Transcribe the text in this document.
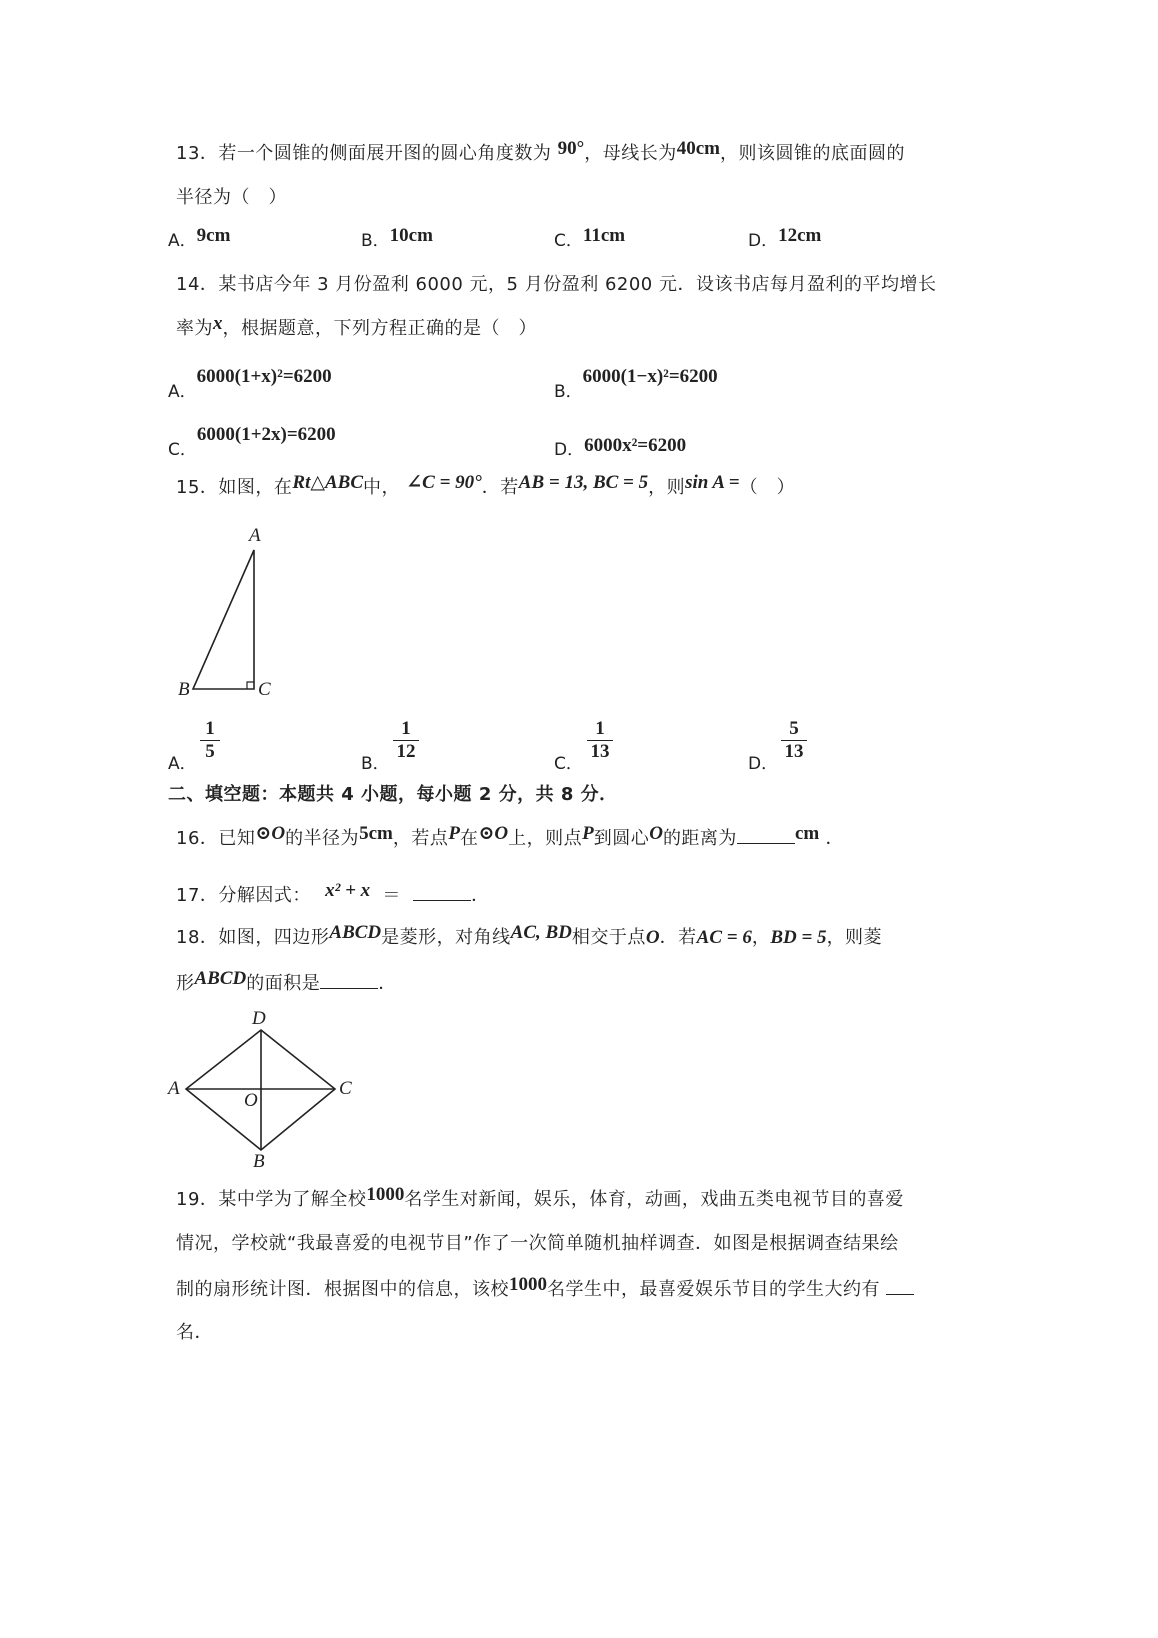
13．若一个圆锥的侧面展开图的圆心角度数为 90°，母线长为40cm，则该圆锥的底面圆的
半径为（　）
A．9cm	B．10cm	C．11cm	D．12cm
14．某书店今年 3 月份盈利 6000 元，5 月份盈利 6200 元．设该书店每月盈利的平均增长
率为x，根据题意，下列方程正确的是（　）
A．6000(1+x)²=6200
B．6000(1−x)²=6200
C．6000(1+2x)=6200
D．6000x²=6200
15．如图，在Rt△ABC中， ∠C = 90°．若AB = 13, BC = 5，则sin A =（　）
A
B	C
A．
1
5
B．
1
12
C．
1
13
D．
5
13
二、填空题：本题共 4 小题，每小题 2 分，共 8 分．
16．已知⊙O的半径为5cm，若点P在⊙O上，则点P到圆心O的距离为	cm ．
17．分解因式： x² + x ＝	．
18．如图，四边形ABCD是菱形，对角线AC, BD相交于点O．若AC = 6，BD = 5，则菱
形ABCD的面积是	．
D
A	C
O
B
19．某中学为了解全校1000名学生对新闻，娱乐，体育，动画，戏曲五类电视节目的喜爱
情况，学校就“我最喜爱的电视节目”作了一次简单随机抽样调查．如图是根据调查结果绘
制的扇形统计图．根据图中的信息，该校1000名学生中，最喜爱娱乐节目的学生大约有
名．
